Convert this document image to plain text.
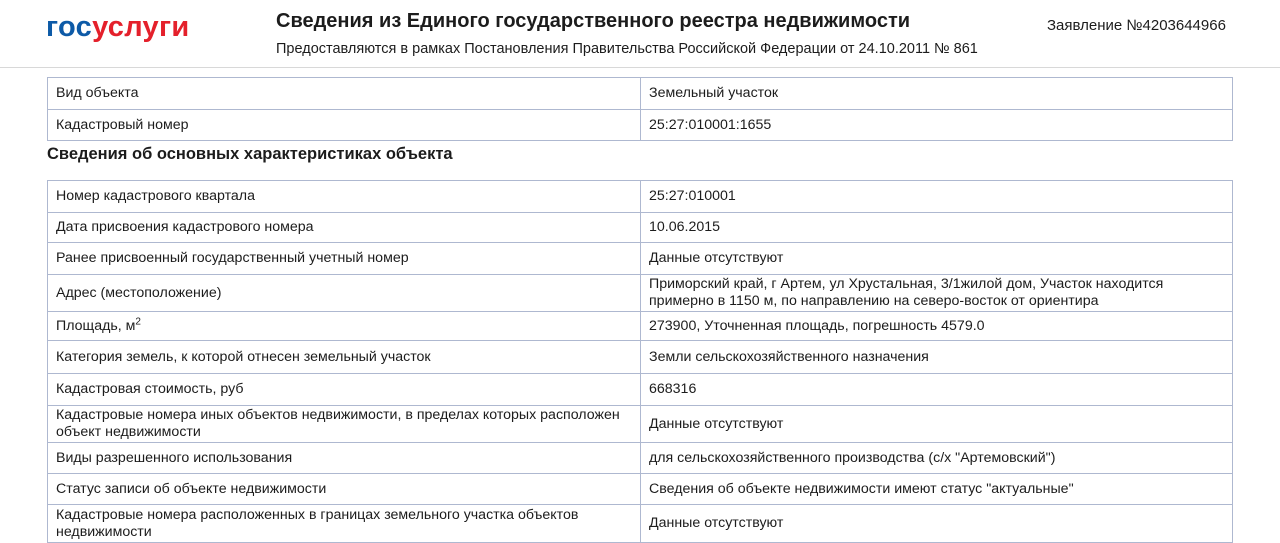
госуслуги	Сведения из Единого государственного реестра недвижимости
Предоставляются в рамках Постановления Правительства Российской Федерации от 24.10.2011 № 861
Заявление №4203644966
Вид объекта	Земельный участок
Кадастровый номер	25:27:010001:1655
Сведения об основных характеристиках объекта
Номер кадастрового квартала	25:27:010001
Дата присвоения кадастрового номера	10.06.2015
Ранее присвоенный государственный учетный номер	Данные отсутствуют
Адрес (местоположение)	Приморский край, г Артем, ул Хрустальная, 3/1жилой дом, Участок находится примерно в 1150 м, по направлению на северо-восток от ориентира
Площадь, $м^2$	273900, Уточненная площадь, погрешность 4579.0
Категория земель, к которой отнесен земельный участок	Земли сельскохозяйственного назначения
Кадастровая стоимость, руб	668316
Кадастровые номера иных объектов недвижимости, в пределах которых расположен объект недвижимости	Данные отсутствуют
Виды разрешенного использования	для сельскохозяйственного производства (с/х "Артемовский")
Статус записи об объекте недвижимости	Сведения об объекте недвижимости имеют статус "актуальные"
Кадастровые номера расположенных в границах земельного участка объектов недвижимости	Данные отсутствуют
